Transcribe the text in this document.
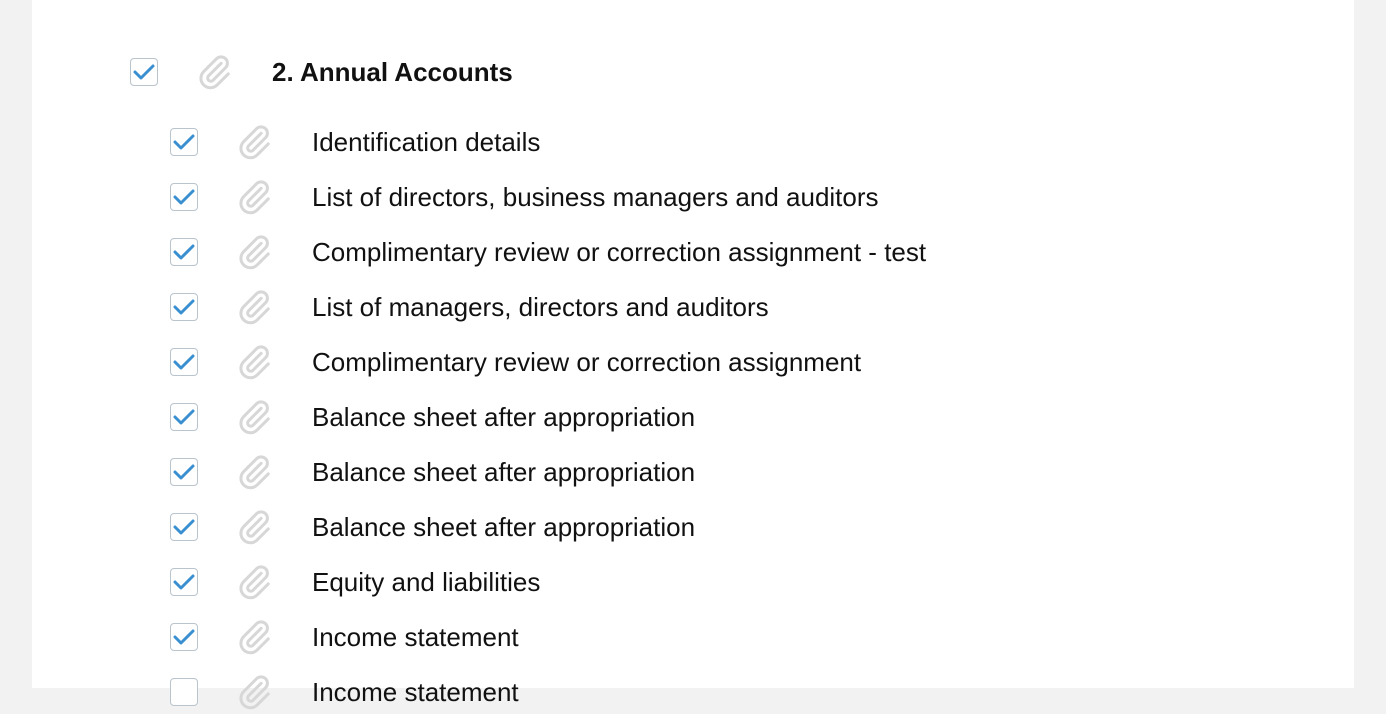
2. Annual Accounts
Identification details
List of directors, business managers and auditors
Complimentary review or correction assignment - test
List of managers, directors and auditors
Complimentary review or correction assignment
Balance sheet after appropriation
Balance sheet after appropriation
Balance sheet after appropriation
Equity and liabilities
Income statement
Income statement
